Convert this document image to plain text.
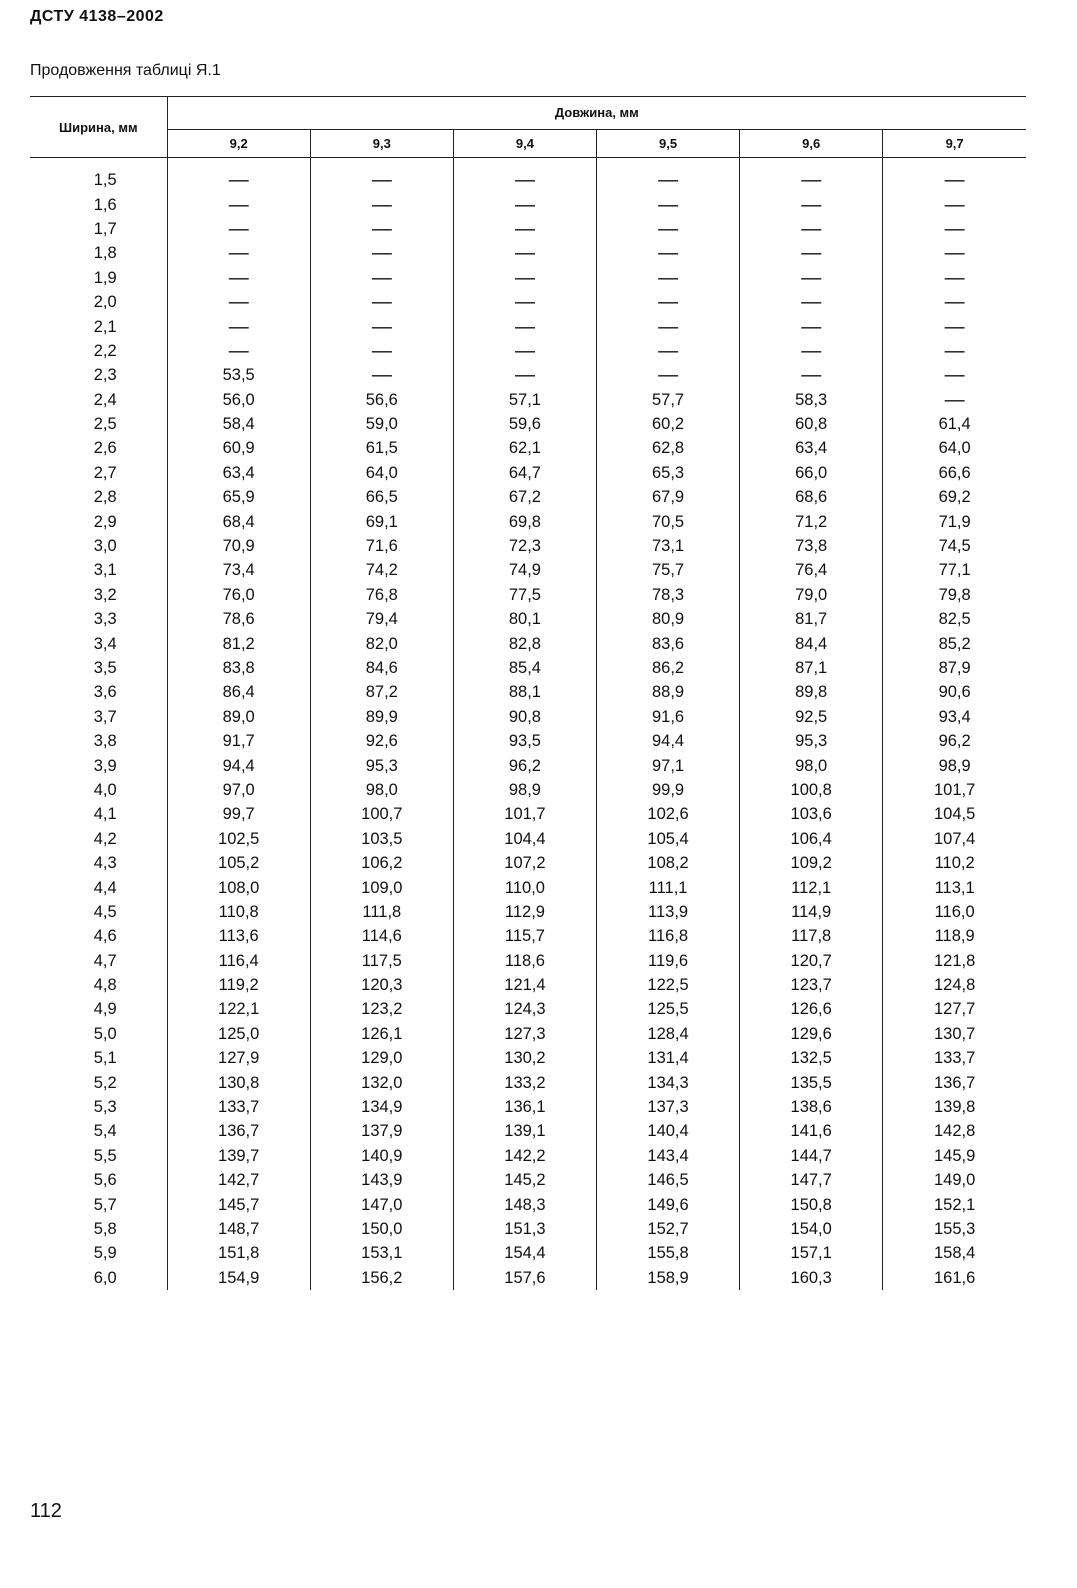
ДСТУ 4138–2002
Продовження таблиці Я.1
Ширина, мм	Довжина, мм					
	9,2	9,3	9,4	9,5	9,6	9,7
1,5	—	—	—	—	—	—
1,6	—	—	—	—	—	—
1,7	—	—	—	—	—	—
1,8	—	—	—	—	—	—
1,9	—	—	—	—	—	—
2,0	—	—	—	—	—	—
2,1	—	—	—	—	—	—
2,2	—	—	—	—	—	—
2,3	53,5	—	—	—	—	—
2,4	56,0	56,6	57,1	57,7	58,3	—
2,5	58,4	59,0	59,6	60,2	60,8	61,4
2,6	60,9	61,5	62,1	62,8	63,4	64,0
2,7	63,4	64,0	64,7	65,3	66,0	66,6
2,8	65,9	66,5	67,2	67,9	68,6	69,2
2,9	68,4	69,1	69,8	70,5	71,2	71,9
3,0	70,9	71,6	72,3	73,1	73,8	74,5
3,1	73,4	74,2	74,9	75,7	76,4	77,1
3,2	76,0	76,8	77,5	78,3	79,0	79,8
3,3	78,6	79,4	80,1	80,9	81,7	82,5
3,4	81,2	82,0	82,8	83,6	84,4	85,2
3,5	83,8	84,6	85,4	86,2	87,1	87,9
3,6	86,4	87,2	88,1	88,9	89,8	90,6
3,7	89,0	89,9	90,8	91,6	92,5	93,4
3,8	91,7	92,6	93,5	94,4	95,3	96,2
3,9	94,4	95,3	96,2	97,1	98,0	98,9
4,0	97,0	98,0	98,9	99,9	100,8	101,7
4,1	99,7	100,7	101,7	102,6	103,6	104,5
4,2	102,5	103,5	104,4	105,4	106,4	107,4
4,3	105,2	106,2	107,2	108,2	109,2	110,2
4,4	108,0	109,0	110,0	111,1	112,1	113,1
4,5	110,8	111,8	112,9	113,9	114,9	116,0
4,6	113,6	114,6	115,7	116,8	117,8	118,9
4,7	116,4	117,5	118,6	119,6	120,7	121,8
4,8	119,2	120,3	121,4	122,5	123,7	124,8
4,9	122,1	123,2	124,3	125,5	126,6	127,7
5,0	125,0	126,1	127,3	128,4	129,6	130,7
5,1	127,9	129,0	130,2	131,4	132,5	133,7
5,2	130,8	132,0	133,2	134,3	135,5	136,7
5,3	133,7	134,9	136,1	137,3	138,6	139,8
5,4	136,7	137,9	139,1	140,4	141,6	142,8
5,5	139,7	140,9	142,2	143,4	144,7	145,9
5,6	142,7	143,9	145,2	146,5	147,7	149,0
5,7	145,7	147,0	148,3	149,6	150,8	152,1
5,8	148,7	150,0	151,3	152,7	154,0	155,3
5,9	151,8	153,1	154,4	155,8	157,1	158,4
6,0	154,9	156,2	157,6	158,9	160,3	161,6
112
